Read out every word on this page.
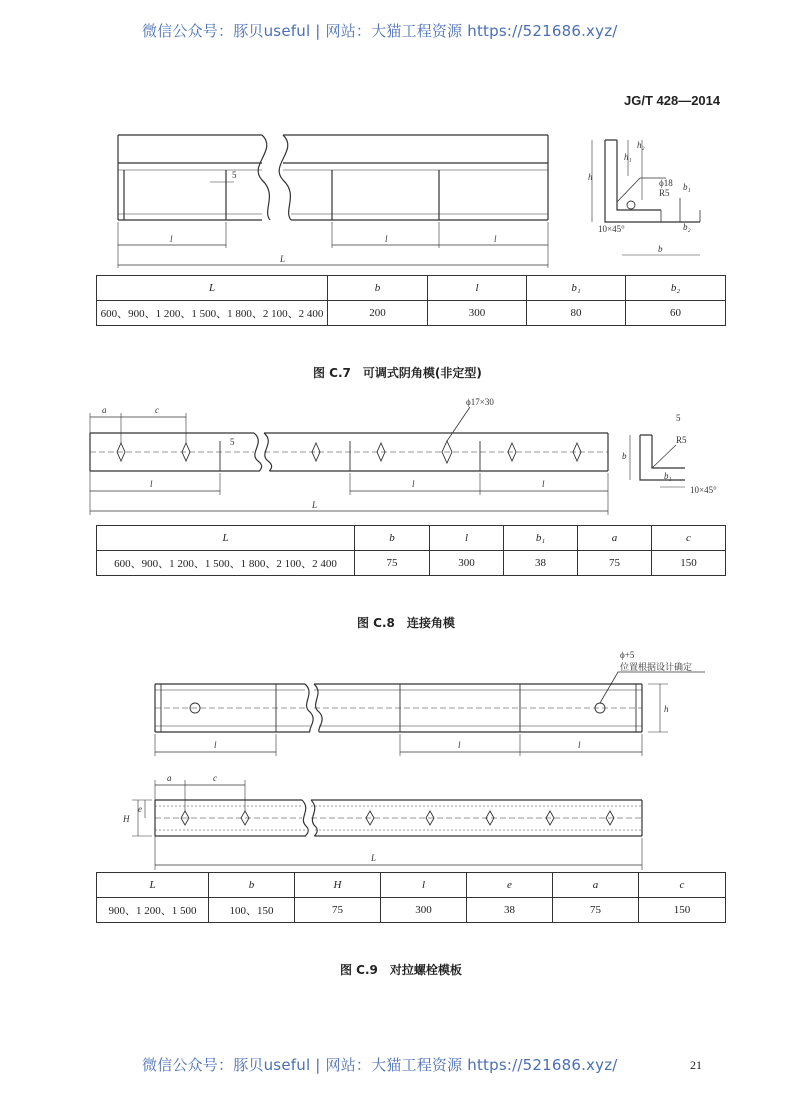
微信公众号：豚贝useful | 网站：大猫工程资源 https://521686.xyz/
JG/T 428—2014
5
l	l	l
L
h
h₁
h₂
ϕ18
R5
b₁
b₂
10×45°
b
L	b	l	b₁	b₂
600、900、1 200、1 500、1 800、2 100、2 400	200	300	80	60
图 C.7　可调式阴角模(非定型)
a	c
5
ϕ17×30
l	l	l
L
5
b
b₁
R5
10×45°
L	b	l	b₁	a	c
600、900、1 200、1 500、1 800、2 100、2 400	75	300	38	75	150
图 C.8　连接角模
ϕ+5
位置根据设计确定
h
l	l	l
a	c
H
e
L
L	b	H	l	e	a	c
900、1 200、1 500	100、150	75	300	38	75	150
图 C.9　对拉螺栓模板
微信公众号：豚贝useful | 网站：大猫工程资源 https://521686.xyz/	21
